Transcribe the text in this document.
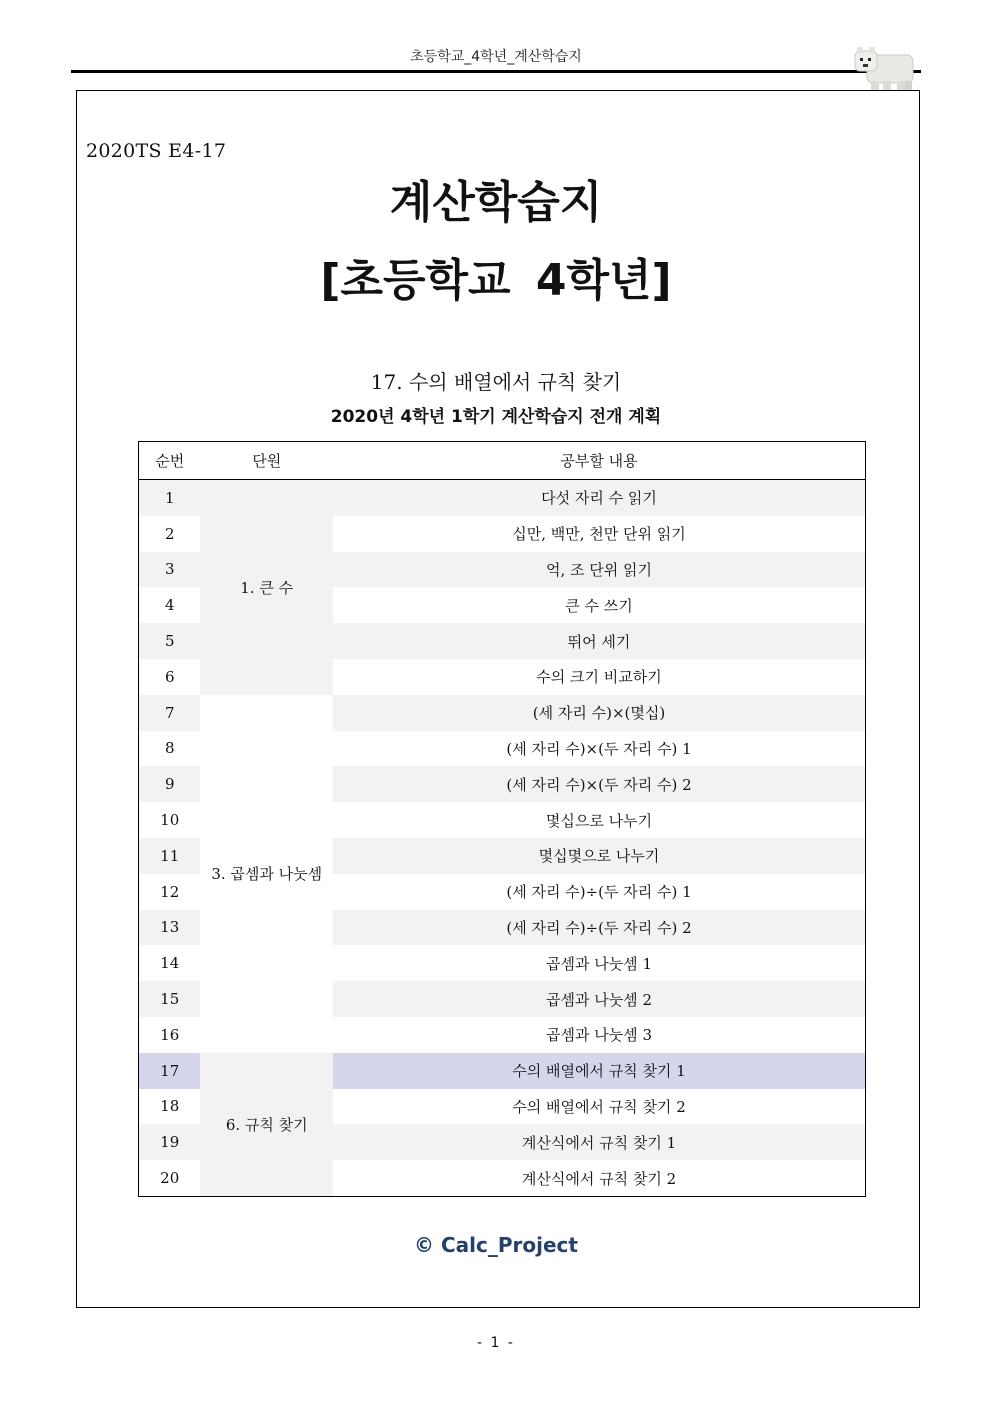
초등학교_4학년_계산학습지
2020TS E4-17
계산학습지
[초등학교 4학년]
17. 수의 배열에서 규칙 찾기
2020년 4학년 1학기 계산학습지 전개 계획
순번	단원	공부할 내용
1	1. 큰 수	다섯 자리 수 읽기
2		십만, 백만, 천만 단위 읽기
3		억, 조 단위 읽기
4		큰 수 쓰기
5		뛰어 세기
6		수의 크기 비교하기
7	3. 곱셈과 나눗셈	(세 자리 수)×(몇십)
8		(세 자리 수)×(두 자리 수) 1
9		(세 자리 수)×(두 자리 수) 2
10		몇십으로 나누기
11		몇십몇으로 나누기
12		(세 자리 수)÷(두 자리 수) 1
13		(세 자리 수)÷(두 자리 수) 2
14		곱셈과 나눗셈 1
15		곱셈과 나눗셈 2
16		곱셈과 나눗셈 3
17	6. 규칙 찾기	수의 배열에서 규칙 찾기 1
18		수의 배열에서 규칙 찾기 2
19		계산식에서 규칙 찾기 1
20		계산식에서 규칙 찾기 2
© Calc_Project
- 1 -
